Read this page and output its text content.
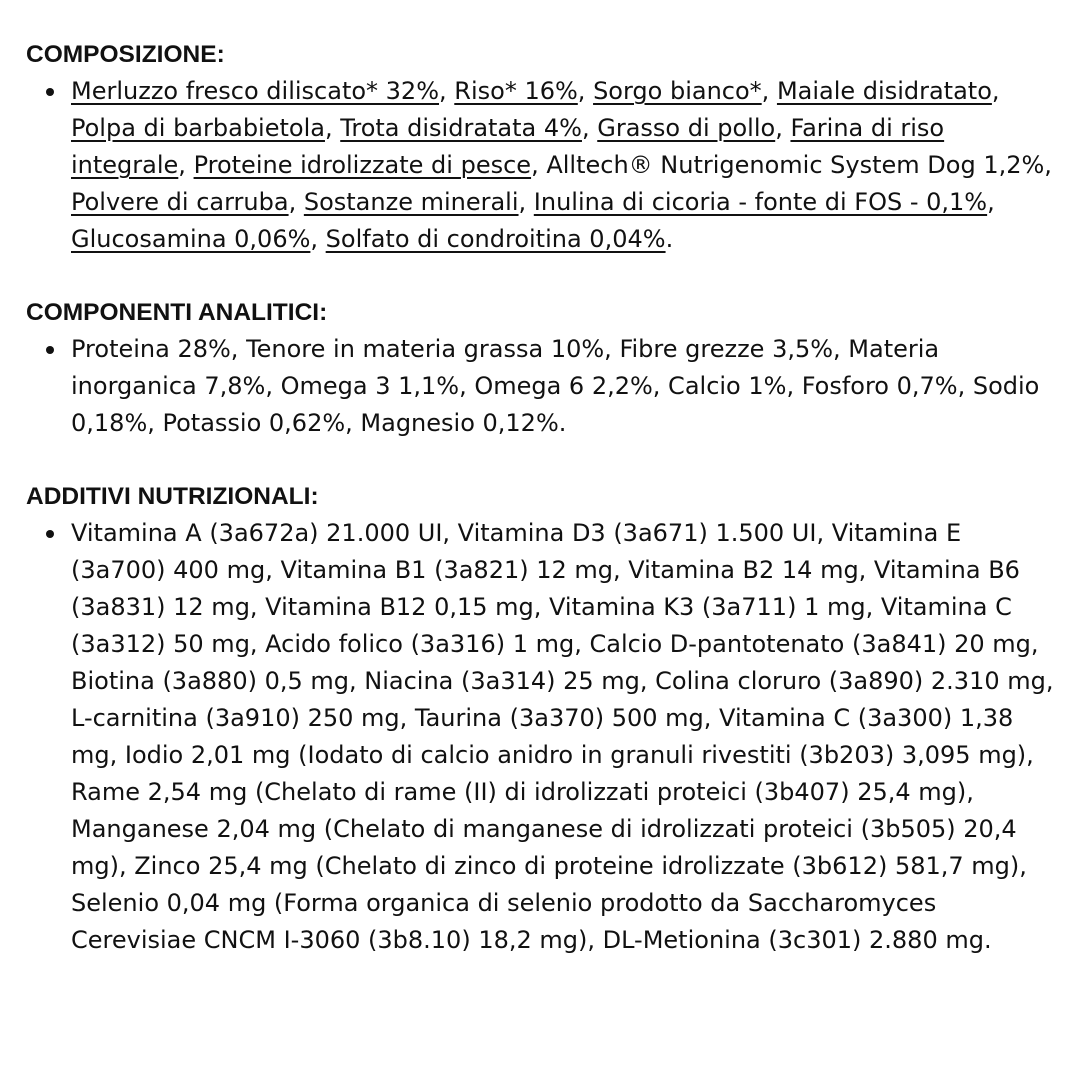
COMPOSIZIONE:
Merluzzo fresco diliscato* 32%, Riso* 16%, Sorgo bianco*, Maiale disidratato, Polpa di barbabietola, Trota disidratata 4%, Grasso di pollo, Farina di riso integrale, Proteine idrolizzate di pesce, Alltech® Nutrigenomic System Dog 1,2%, Polvere di carruba, Sostanze minerali, Inulina di cicoria - fonte di FOS - 0,1%, Glucosamina 0,06%, Solfato di condroitina 0,04%.
COMPONENTI ANALITICI:
Proteina 28%, Tenore in materia grassa 10%, Fibre grezze 3,5%, Materia inorganica 7,8%, Omega 3 1,1%, Omega 6 2,2%, Calcio 1%, Fosforo 0,7%, Sodio 0,18%, Potassio 0,62%, Magnesio 0,12%.
ADDITIVI NUTRIZIONALI:
Vitamina A (3a672a) 21.000 UI, Vitamina D3 (3a671) 1.500 UI, Vitamina E (3a700) 400 mg, Vitamina B1 (3a821) 12 mg, Vitamina B2 14 mg, Vitamina B6 (3a831) 12 mg, Vitamina B12 0,15 mg, Vitamina K3 (3a711) 1 mg, Vitamina C (3a312) 50 mg, Acido folico (3a316) 1 mg, Calcio D-pantotenato (3a841) 20 mg, Biotina (3a880) 0,5 mg, Niacina (3a314) 25 mg, Colina cloruro (3a890) 2.310 mg, L-carnitina (3a910) 250 mg, Taurina (3a370) 500 mg, Vitamina C (3a300) 1,38 mg, Iodio 2,01 mg (Iodato di calcio anidro in granuli rivestiti (3b203) 3,095 mg), Rame 2,54 mg (Chelato di rame (II) di idrolizzati proteici (3b407) 25,4 mg), Manganese 2,04 mg (Chelato di manganese di idrolizzati proteici (3b505) 20,4 mg), Zinco 25,4 mg (Chelato di zinco di proteine idrolizzate (3b612) 581,7 mg), Selenio 0,04 mg (Forma organica di selenio prodotto da Saccharomyces Cerevisiae CNCM I-3060 (3b8.10) 18,2 mg), DL-Metionina (3c301) 2.880 mg.
